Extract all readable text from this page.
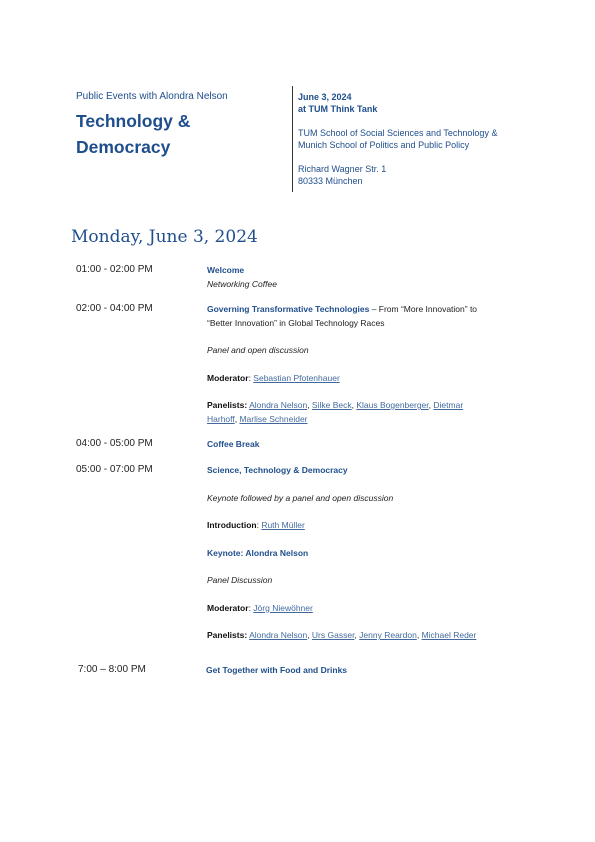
Public Events with Alondra Nelson
Technology &
Democracy
June 3, 2024
at TUM Think Tank
TUM School of Social Sciences and Technology &
Munich School of Politics and Public Policy
Richard Wagner Str. 1
80333 München
Monday, June 3, 2024
01:00 - 02:00 PM	Welcome

Networking Coffee

02:00 - 04:00 PM	Governing Transformative Technologies – From “More Innovation” to

“Better Innovation” in Global Technology Races

Panel and open discussion

Moderator: Sebastian Pfotenhauer

Panelists: Alondra Nelson, Silke Beck, Klaus Bogenberger, Dietmar
Harhoff, Marlise Schneider

04:00 - 05:00 PM	Coffee Break

05:00 - 07:00 PM	Science, Technology & Democracy

Keynote followed by a panel and open discussion

Introduction: Ruth Müller

Keynote: Alondra Nelson

Panel Discussion

Moderator: Jörg Niewöhner

Panelists: Alondra Nelson, Urs Gasser, Jenny Reardon, Michael Reder

7:00 – 8:00 PM	Get Together with Food and Drinks
